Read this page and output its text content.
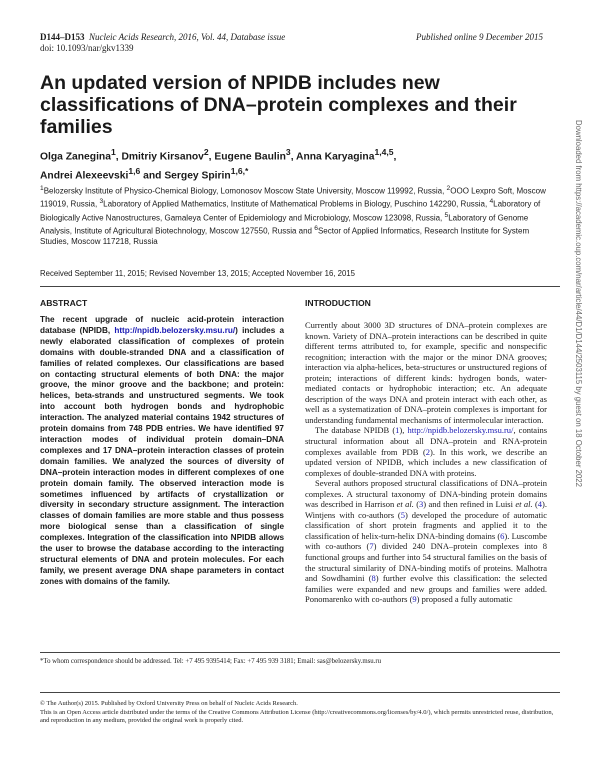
D144–D153 Nucleic Acids Research, 2016, Vol. 44, Database issue
doi: 10.1093/nar/gkv1339
Published online 9 December 2015
An updated version of NPIDB includes new classifications of DNA–protein complexes and their families
Olga Zanegina$^1$, Dmitriy Kirsanov$^2$, Eugene Baulin$^3$, Anna Karyagina$^{1,4,5}$,
Andrei Alexeevski$^{1,6}$ and Sergey Spirin$^{1,6,*}$
$^1$Belozersky Institute of Physico-Chemical Biology, Lomonosov Moscow State University, Moscow 119992, Russia, $^2$OOO Lexpro Soft, Moscow 119019, Russia, $^3$Laboratory of Applied Mathematics, Institute of Mathematical Problems in Biology, Puschino 142290, Russia, $^4$Laboratory of Biologically Active Nanostructures, Gamaleya Center of Epidemiology and Microbiology, Moscow 123098, Russia, $^5$Laboratory of Genome Analysis, Institute of Agricultural Biotechnology, Moscow 127550, Russia and $^6$Sector of Applied Informatics, Research Institute for System Studies, Moscow 117218, Russia
Received September 11, 2015; Revised November 13, 2015; Accepted November 16, 2015
ABSTRACT
The recent upgrade of nucleic acid-protein interaction database (NPIDB, http://npidb.belozersky.msu.ru/) includes a newly elaborated classification of complexes of protein domains with double-stranded DNA and a classification of families of related complexes. Our classifications are based on contacting structural elements of both DNA: the major groove, the minor groove and the backbone; and protein: helices, beta-strands and unstructured segments. We took into account both hydrogen bonds and hydrophobic interaction. The analyzed material contains 1942 structures of protein domains from 748 PDB entries. We have identified 97 interaction modes of individual protein domain–DNA complexes and 17 DNA–protein interaction classes of protein domain families. We analyzed the sources of diversity of DNA–protein interaction modes in different complexes of one protein domain family. The observed interaction mode is sometimes influenced by artifacts of crystallization or diversity in secondary structure assignment. The interaction classes of domain families are more stable and thus possess more biological sense than a classification of single complexes. Integration of the classification into NPIDB allows the user to browse the database according to the interacting structural elements of DNA and protein molecules. For each family, we present average DNA shape parameters in contact zones with domains of the family.
INTRODUCTION

Currently about 3000 3D structures of DNA–protein complexes are known. Variety of DNA–protein interactions can be described in quite different terms attributed to, for example, specific and nonspecific recognition; interaction with the major or the minor DNA grooves; interaction via alpha-helices, beta-structures or unstructured regions of protein; interactions of different kinds: hydrogen bonds, water-mediated contacts or hydrophobic interaction; etc. An adequate description of the ways DNA and protein interact with each other, as well as a systematization of DNA–protein complexes is important for understanding fundamental mechanisms of intermolecular interaction.

The database NPIDB (1), http://npidb.belozersky.msu.ru/, contains structural information about all DNA–protein and RNA-protein complexes available from PDB (2). In this work, we describe an updated version of NPIDB, which includes a new classification of complexes of double-stranded DNA with proteins.

Several authors proposed structural classifications of DNA–protein complexes. A structural taxonomy of DNA-binding protein domains was described in Harrison et al. (3) and then refined in Luisi et al. (4). Wintjens with co-authors (5) developed the procedure of automatic classification of short protein fragments and applied it to the classification of helix-turn-helix DNA-binding domains (6). Luscombe with co-authors (7) divided 240 DNA–protein complexes into 8 functional groups and further into 54 structural families on the basis of the structural similarity of DNA-binding motifs of proteins. Malhotra and Sowdhamini (8) further evolve this classification: the selected families were expanded and new groups and families were added. Ponomarenko with co-authors (9) proposed a fully automatic

*To whom correspondence should be addressed. Tel: +7 495 9395414; Fax: +7 495 939 3181; Email: sas@belozersky.msu.ru
© The Author(s) 2015. Published by Oxford University Press on behalf of Nucleic Acids Research.
This is an Open Access article distributed under the terms of the Creative Commons Attribution License (http://creativecommons.org/licenses/by/4.0/), which permits unrestricted reuse, distribution, and reproduction in any medium, provided the original work is properly cited.
Downloaded from https://academic.oup.com/nar/article/44/D1/D144/2503115 by guest on 18 October 2022
